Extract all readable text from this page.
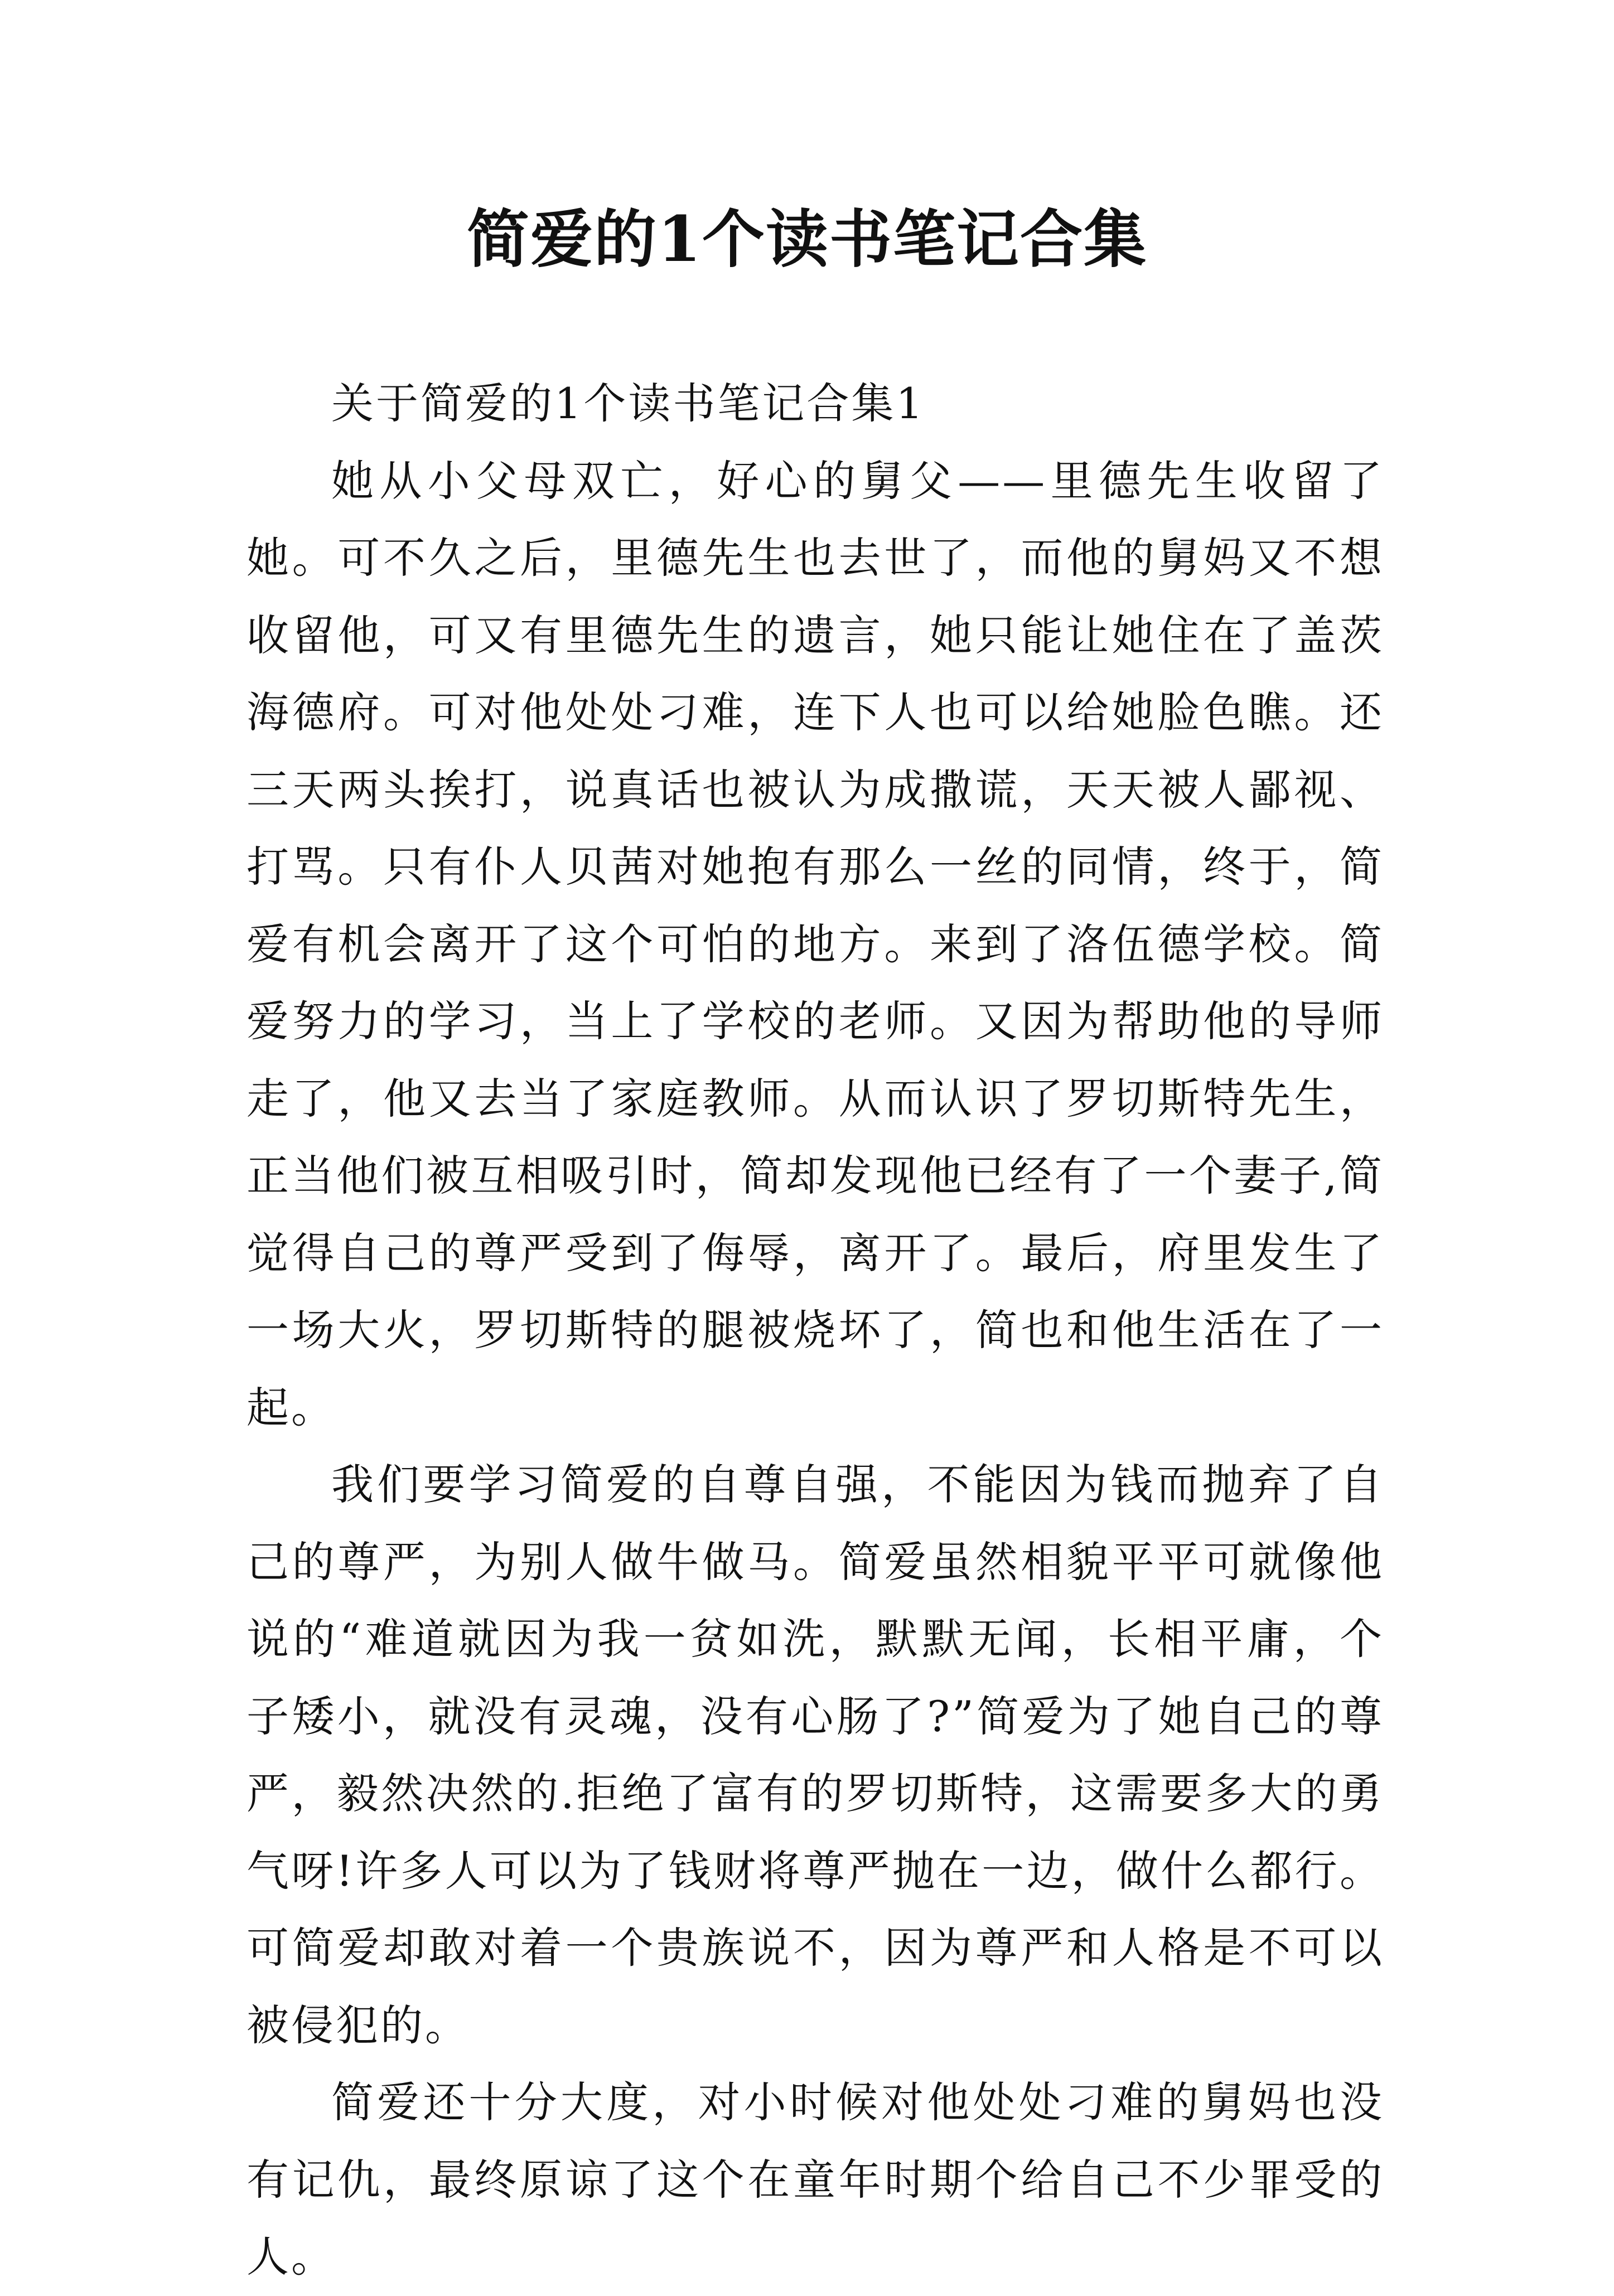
简爱的1个读书笔记合集

关于简爱的1个读书笔记合集1

她从小父母双亡，好心的舅父——里德先生收留了她。可不久之后，里德先生也去世了，而他的舅妈又不想收留他，可又有里德先生的遗言，她只能让她住在了盖茨海德府。可对他处处刁难，连下人也可以给她脸色瞧。还三天两头挨打，说真话也被认为成撒谎，天天被人鄙视、打骂。只有仆人贝茜对她抱有那么一丝的同情，终于，简爱有机会离开了这个可怕的地方。来到了洛伍德学校。简爱努力的学习，当上了学校的老师。又因为帮助他的导师走了，他又去当了家庭教师。从而认识了罗切斯特先生，正当他们被互相吸引时，简却发现他已经有了一个妻子,简觉得自己的尊严受到了侮辱，离开了。最后，府里发生了一场大火，罗切斯特的腿被烧坏了，简也和他生活在了一起。

我们要学习简爱的自尊自强，不能因为钱而抛弃了自己的尊严，为别人做牛做马。简爱虽然相貌平平可就像他说的“难道就因为我一贫如洗，默默无闻，长相平庸，个子矮小，就没有灵魂，没有心肠了?”简爱为了她自己的尊严，毅然决然的.拒绝了富有的罗切斯特，这需要多大的勇气呀!许多人可以为了钱财将尊严抛在一边，做什么都行。可简爱却敢对着一个贵族说不，因为尊严和人格是不可以被侵犯的。

简爱还十分大度，对小时候对他处处刁难的舅妈也没有记仇，最终原谅了这个在童年时期个给自己不少罪受的人。
